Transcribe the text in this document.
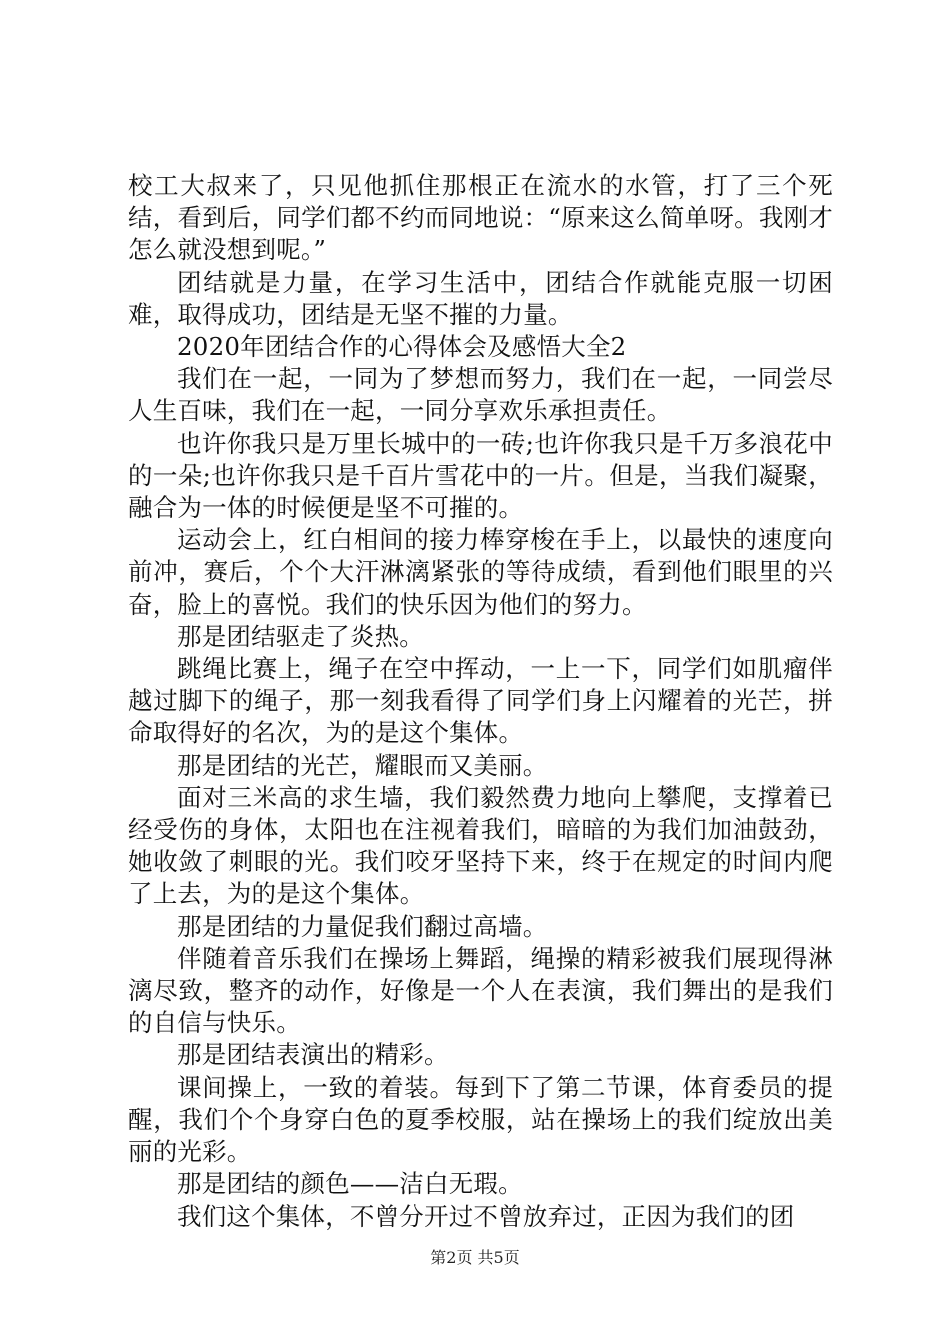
校工大叔来了，只见他抓住那根正在流水的水管，打了三个死结，看到后，同学们都不约而同地说：“原来这么简单呀。我刚才怎么就没想到呢。”

团结就是力量，在学习生活中，团结合作就能克服一切困难，取得成功，团结是无坚不摧的力量。

2020年团结合作的心得体会及感悟大全2

我们在一起，一同为了梦想而努力，我们在一起，一同尝尽人生百味，我们在一起，一同分享欢乐承担责任。

也许你我只是万里长城中的一砖;也许你我只是千万多浪花中的一朵;也许你我只是千百片雪花中的一片。但是，当我们凝聚，融合为一体的时候便是坚不可摧的。

运动会上，红白相间的接力棒穿梭在手上，以最快的速度向前冲，赛后，个个大汗淋漓紧张的等待成绩，看到他们眼里的兴奋，脸上的喜悦。我们的快乐因为他们的努力。

那是团结驱走了炎热。

跳绳比赛上，绳子在空中挥动，一上一下，同学们如肌瘤伴越过脚下的绳子，那一刻我看得了同学们身上闪耀着的光芒，拼命取得好的名次，为的是这个集体。

那是团结的光芒，耀眼而又美丽。

面对三米高的求生墙，我们毅然费力地向上攀爬，支撑着已经受伤的身体，太阳也在注视着我们，暗暗的为我们加油鼓劲，她收敛了刺眼的光。我们咬牙坚持下来，终于在规定的时间内爬了上去，为的是这个集体。

那是团结的力量促我们翻过高墙。

伴随着音乐我们在操场上舞蹈，绳操的精彩被我们展现得淋漓尽致，整齐的动作，好像是一个人在表演，我们舞出的是我们的自信与快乐。

那是团结表演出的精彩。

课间操上，一致的着装。每到下了第二节课，体育委员的提醒，我们个个身穿白色的夏季校服，站在操场上的我们绽放出美丽的光彩。

那是团结的颜色——洁白无瑕。

我们这个集体，不曾分开过不曾放弃过，正因为我们的团

第2页 共5页
